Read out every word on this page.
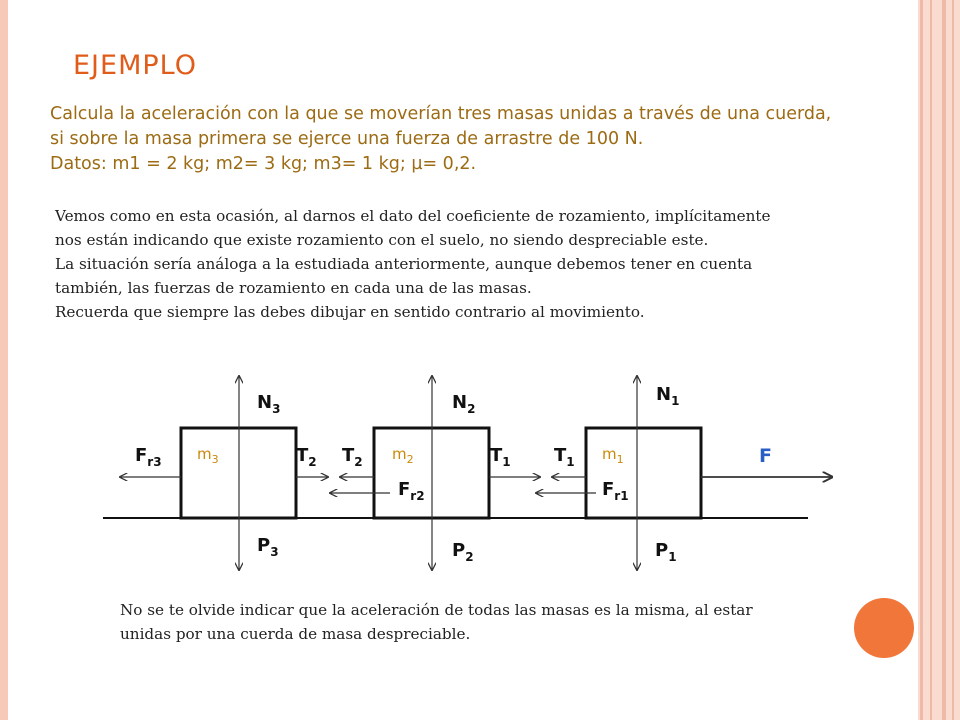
EJEMPLO
Calcula la aceleración con la que se moverían tres masas unidas a través de una cuerda,
si sobre la masa primera se ejerce una fuerza de arrastre de 100 N.
Datos: m1 = 2 kg; m2= 3 kg; m3= 1 kg; µ= 0,2.
Vemos como en esta ocasión, al darnos el dato del coeficiente de rozamiento, implícitamente
nos están indicando que existe rozamiento con el suelo, no siendo despreciable este.
La situación sería análoga a la estudiada anteriormente, aunque debemos tener en cuenta
también, las fuerzas de rozamiento en cada una de las masas.
Recuerda que siempre las debes dibujar en sentido contrario al movimiento.
$N_3$	$N_2$
$N_1$
$P_3$	$P_2$	$P_1$
$T_2$ $T_2$	$T_1$ $T_1$
$F_{r3}$
$F_{r2}$	$F_{r1}$
$m_3$	$m_2$	$m_1$	F
No se te olvide indicar que la aceleración de todas las masas es la misma, al estar
unidas por una cuerda de masa despreciable.
